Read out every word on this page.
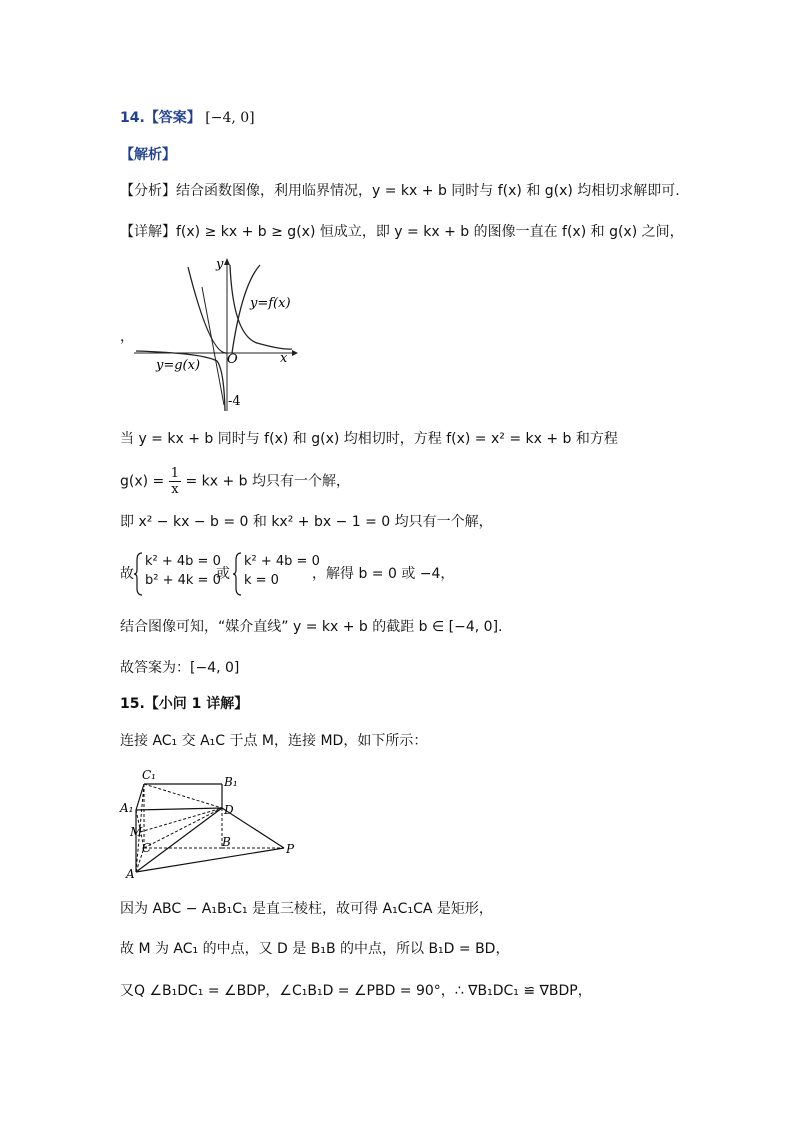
14.【答案】 [−4, 0]
【解析】
【分析】结合函数图像，利用临界情况，y = kx + b 同时与 f(x) 和 g(x) 均相切求解即可.
【详解】f(x) ≥ kx + b ≥ g(x) 恒成立，即 y = kx + b 的图像一直在 f(x) 和 g(x) 之间，
，
y
x
O
y=f(x)
y=g(x)
-4
当 y = kx + b 同时与 f(x) 和 g(x) 均相切时，方程 f(x) = x² = kx + b 和方程
$g(x) = \frac{1}{x}$ = kx + b 均只有一个解，
即 x² − kx − b = 0 和 kx² + bx − 1 = 0 均只有一个解，
故
k² + 4b = 0
b² + 4k = 0
或
k² + 4b = 0
k = 0	，解得 b = 0 或 −4，
结合图像可知，“媒介直线” y = kx + b 的截距 b ∈ [−4, 0].
故答案为：[−4, 0]
15.【小问 1 详解】
连接 AC₁ 交 A₁C 于点 M，连接 MD，如下所示：
C₁	B₁
A₁	D
M
B
C	P
A
因为 ABC − A₁B₁C₁ 是直三棱柱，故可得 A₁C₁CA 是矩形，
故 M 为 AC₁ 的中点，又 D 是 B₁B 的中点，所以 B₁D = BD，
又Q ∠B₁DC₁ = ∠BDP，∠C₁B₁D = ∠PBD = 90°，∴ ∇B₁DC₁ ≌ ∇BDP，
